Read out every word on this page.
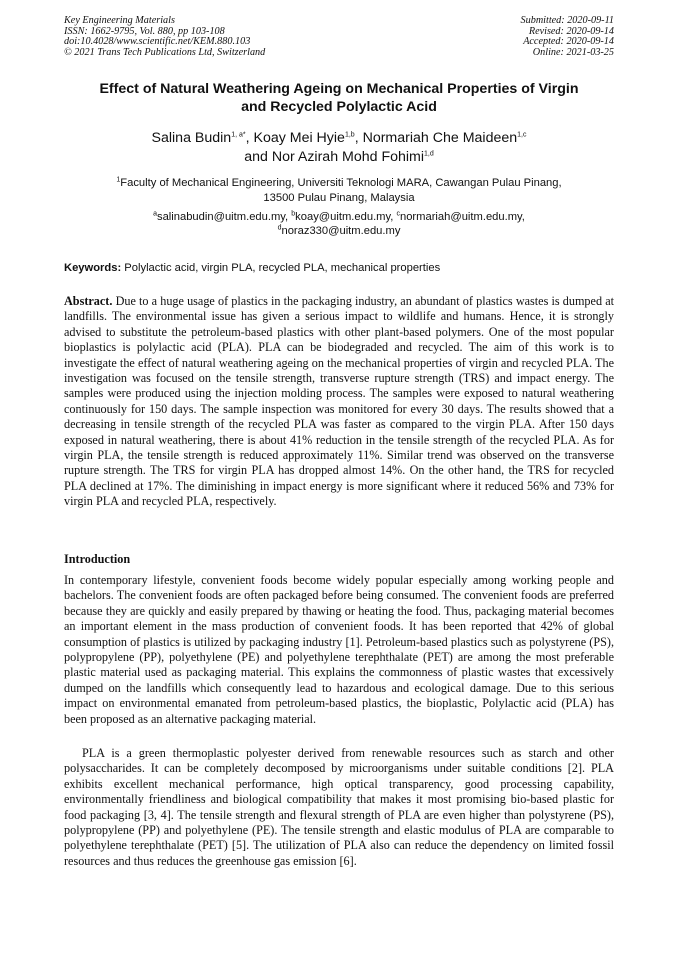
Key Engineering Materials
ISSN: 1662-9795, Vol. 880, pp 103-108
doi:10.4028/www.scientific.net/KEM.880.103
© 2021 Trans Tech Publications Ltd, Switzerland
Submitted: 2020-09-11
Revised: 2020-09-14
Accepted: 2020-09-14
Online: 2021-03-25
Effect of Natural Weathering Ageing on Mechanical Properties of Virgin
and Recycled Polylactic Acid
Salina Budin$^{1, a*}$, Koay Mei Hyie$^{1,b}$, Normariah Che Maideen$^{1,c}$
and Nor Azirah Mohd Fohimi$^{1,d}$
$^1$Faculty of Mechanical Engineering, Universiti Teknologi MARA, Cawangan Pulau Pinang,
13500 Pulau Pinang, Malaysia
$^a$salinabudin@uitm.edu.my, $^b$koay@uitm.edu.my, $^c$normariah@uitm.edu.my,
$^d$noraz330@uitm.edu.my
Keywords: Polylactic acid, virgin PLA, recycled PLA, mechanical properties

Abstract. Due to a huge usage of plastics in the packaging industry, an abundant of plastics wastes is dumped at landfills. The environmental issue has given a serious impact to wildlife and humans. Hence, it is strongly advised to substitute the petroleum-based plastics with other plant-based polymers. One of the most popular bioplastics is polylactic acid (PLA). PLA can be biodegraded and recycled. The aim of this work is to investigate the effect of natural weathering ageing on the mechanical properties of virgin and recycled PLA. The investigation was focused on the tensile strength, transverse rupture strength (TRS) and impact energy. The samples were produced using the injection molding process. The samples were exposed to natural weathering continuously for 150 days. The sample inspection was monitored for every 30 days. The results showed that a decreasing in tensile strength of the recycled PLA was faster as compared to the virgin PLA. After 150 days exposed in natural weathering, there is about 41% reduction in the tensile strength of the recycled PLA. As for virgin PLA, the tensile strength is reduced approximately 11%. Similar trend was observed on the transverse rupture strength. The TRS for virgin PLA has dropped almost 14%. On the other hand, the TRS for recycled PLA declined at 17%. The diminishing in impact energy is more significant where it reduced 56% and 73% for virgin PLA and recycled PLA, respectively.

Introduction

In contemporary lifestyle, convenient foods become widely popular especially among working people and bachelors. The convenient foods are often packaged before being consumed. The convenient foods are preferred because they are quickly and easily prepared by thawing or heating the food. Thus, packaging material becomes an important element in the mass production of convenient foods. It has been reported that 42% of global consumption of plastics is utilized by packaging industry [1]. Petroleum-based plastics such as polystyrene (PS), polypropylene (PP), polyethylene (PE) and polyethylene terephthalate (PET) are among the most preferable plastic material used as packaging material. This explains the commonness of plastic wastes that excessively dumped on the landfills which consequently lead to hazardous and ecological damage. Due to this serious impact on environmental emanated from petroleum-based plastics, the bioplastic, Polylactic acid (PLA) has been proposed as an alternative packaging material.

PLA is a green thermoplastic polyester derived from renewable resources such as starch and other polysaccharides. It can be completely decomposed by microorganisms under suitable conditions [2]. PLA exhibits excellent mechanical performance, high optical transparency, good processing capability, environmentally friendliness and biological compatibility that makes it most promising bio-based plastic for food packaging [3, 4]. The tensile strength and flexural strength of PLA are even higher than polystyrene (PS), polypropylene (PP) and polyethylene (PE). The tensile strength and elastic modulus of PLA are comparable to polyethylene terephthalate (PET) [5]. The utilization of PLA also can reduce the dependency on limited fossil resources and thus reduces the greenhouse gas emission [6].
